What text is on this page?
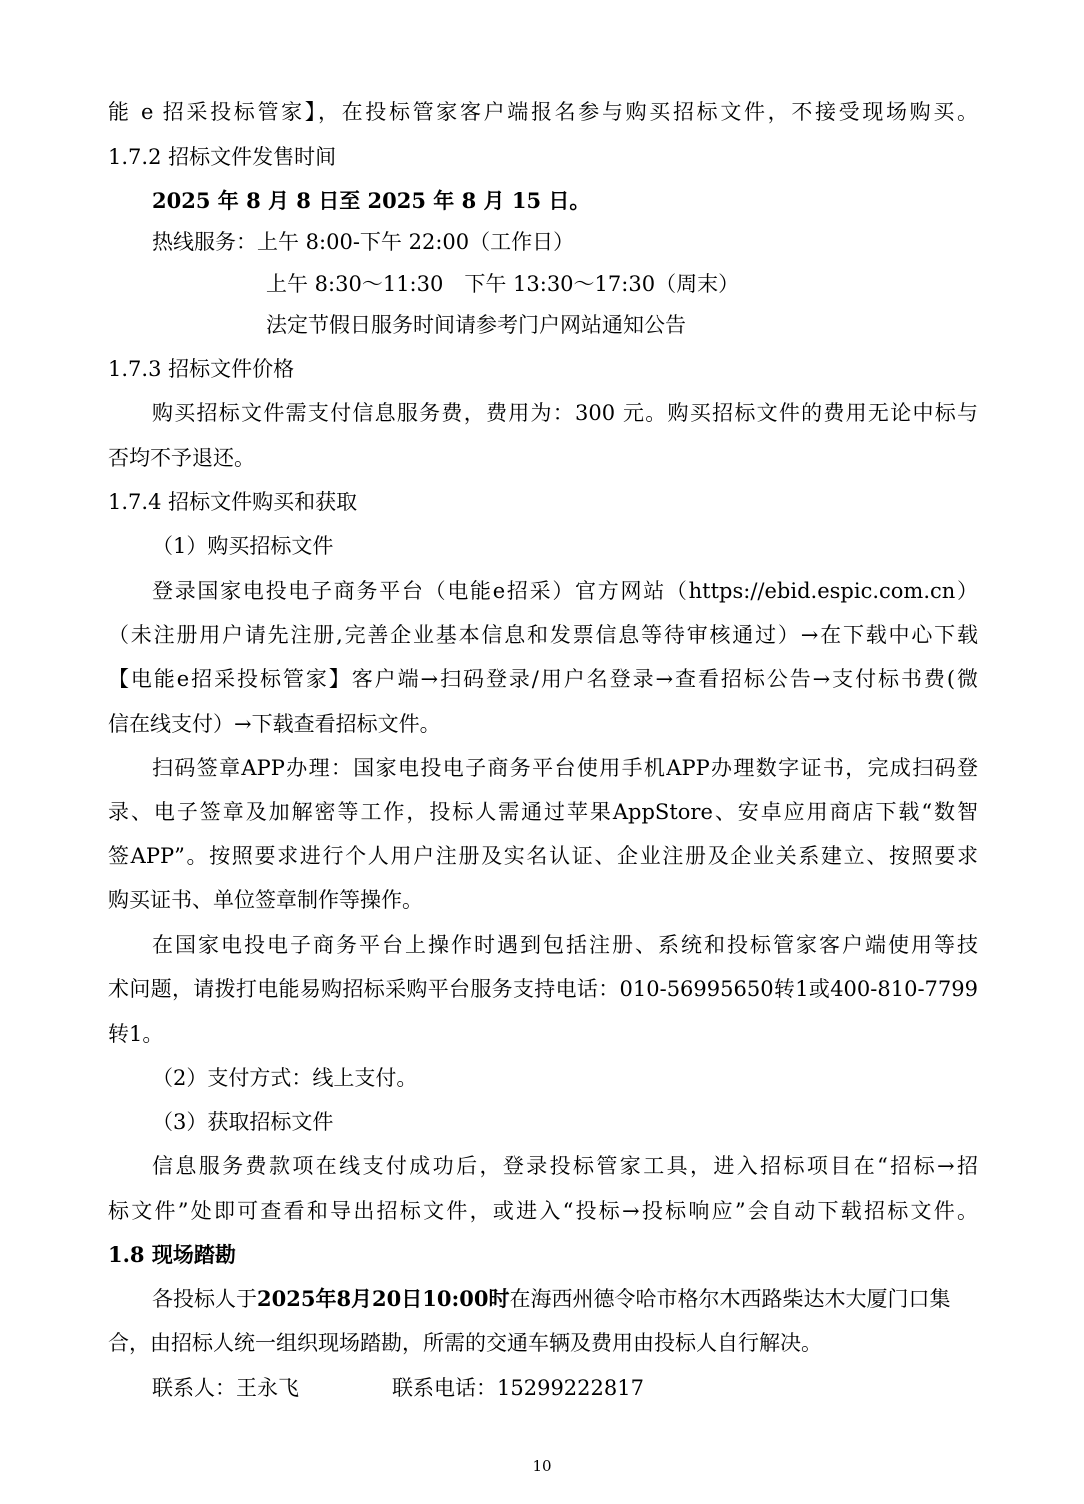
能 e 招采投标管家】，在投标管家客户端报名参与购买招标文件，不接受现场购买。
1.7.2 招标文件发售时间
2025 年 8 月 8 日至 2025 年 8 月 15 日。
热线服务：上午 8:00-下午 22:00（工作日）
上午 8:30～11:30　下午 13:30～17:30（周末）
法定节假日服务时间请参考门户网站通知公告
1.7.3 招标文件价格
购买招标文件需支付信息服务费，费用为：300 元。购买招标文件的费用无论中标与
否均不予退还。
1.7.4 招标文件购买和获取
（1）购买招标文件
登录国家电投电子商务平台（电能e招采）官方网站（https://ebid.espic.com.cn）
（未注册用户请先注册,完善企业基本信息和发票信息等待审核通过）→在下载中心下载
【电能e招采投标管家】客户端→扫码登录/用户名登录→查看招标公告→支付标书费(微
信在线支付）→下载查看招标文件。
扫码签章APP办理：国家电投电子商务平台使用手机APP办理数字证书，完成扫码登
录、电子签章及加解密等工作，投标人需通过苹果AppStore、安卓应用商店下载“数智
签APP”。按照要求进行个人用户注册及实名认证、企业注册及企业关系建立、按照要求
购买证书、单位签章制作等操作。
在国家电投电子商务平台上操作时遇到包括注册、系统和投标管家客户端使用等技
术问题，请拨打电能易购招标采购平台服务支持电话：010-56995650转1或400-810-7799
转1。
（2）支付方式：线上支付。
（3）获取招标文件
信息服务费款项在线支付成功后，登录投标管家工具，进入招标项目在“招标→招
标文件”处即可查看和导出招标文件，或进入“投标→投标响应”会自动下载招标文件。
1.8 现场踏勘
各投标人于2025年8月20日10:00时在海西州德令哈市格尔木西路柴达木大厦门口集
合，由招标人统一组织现场踏勘，所需的交通车辆及费用由投标人自行解决。
联系人：王永飞	联系电话：15299222817
10
